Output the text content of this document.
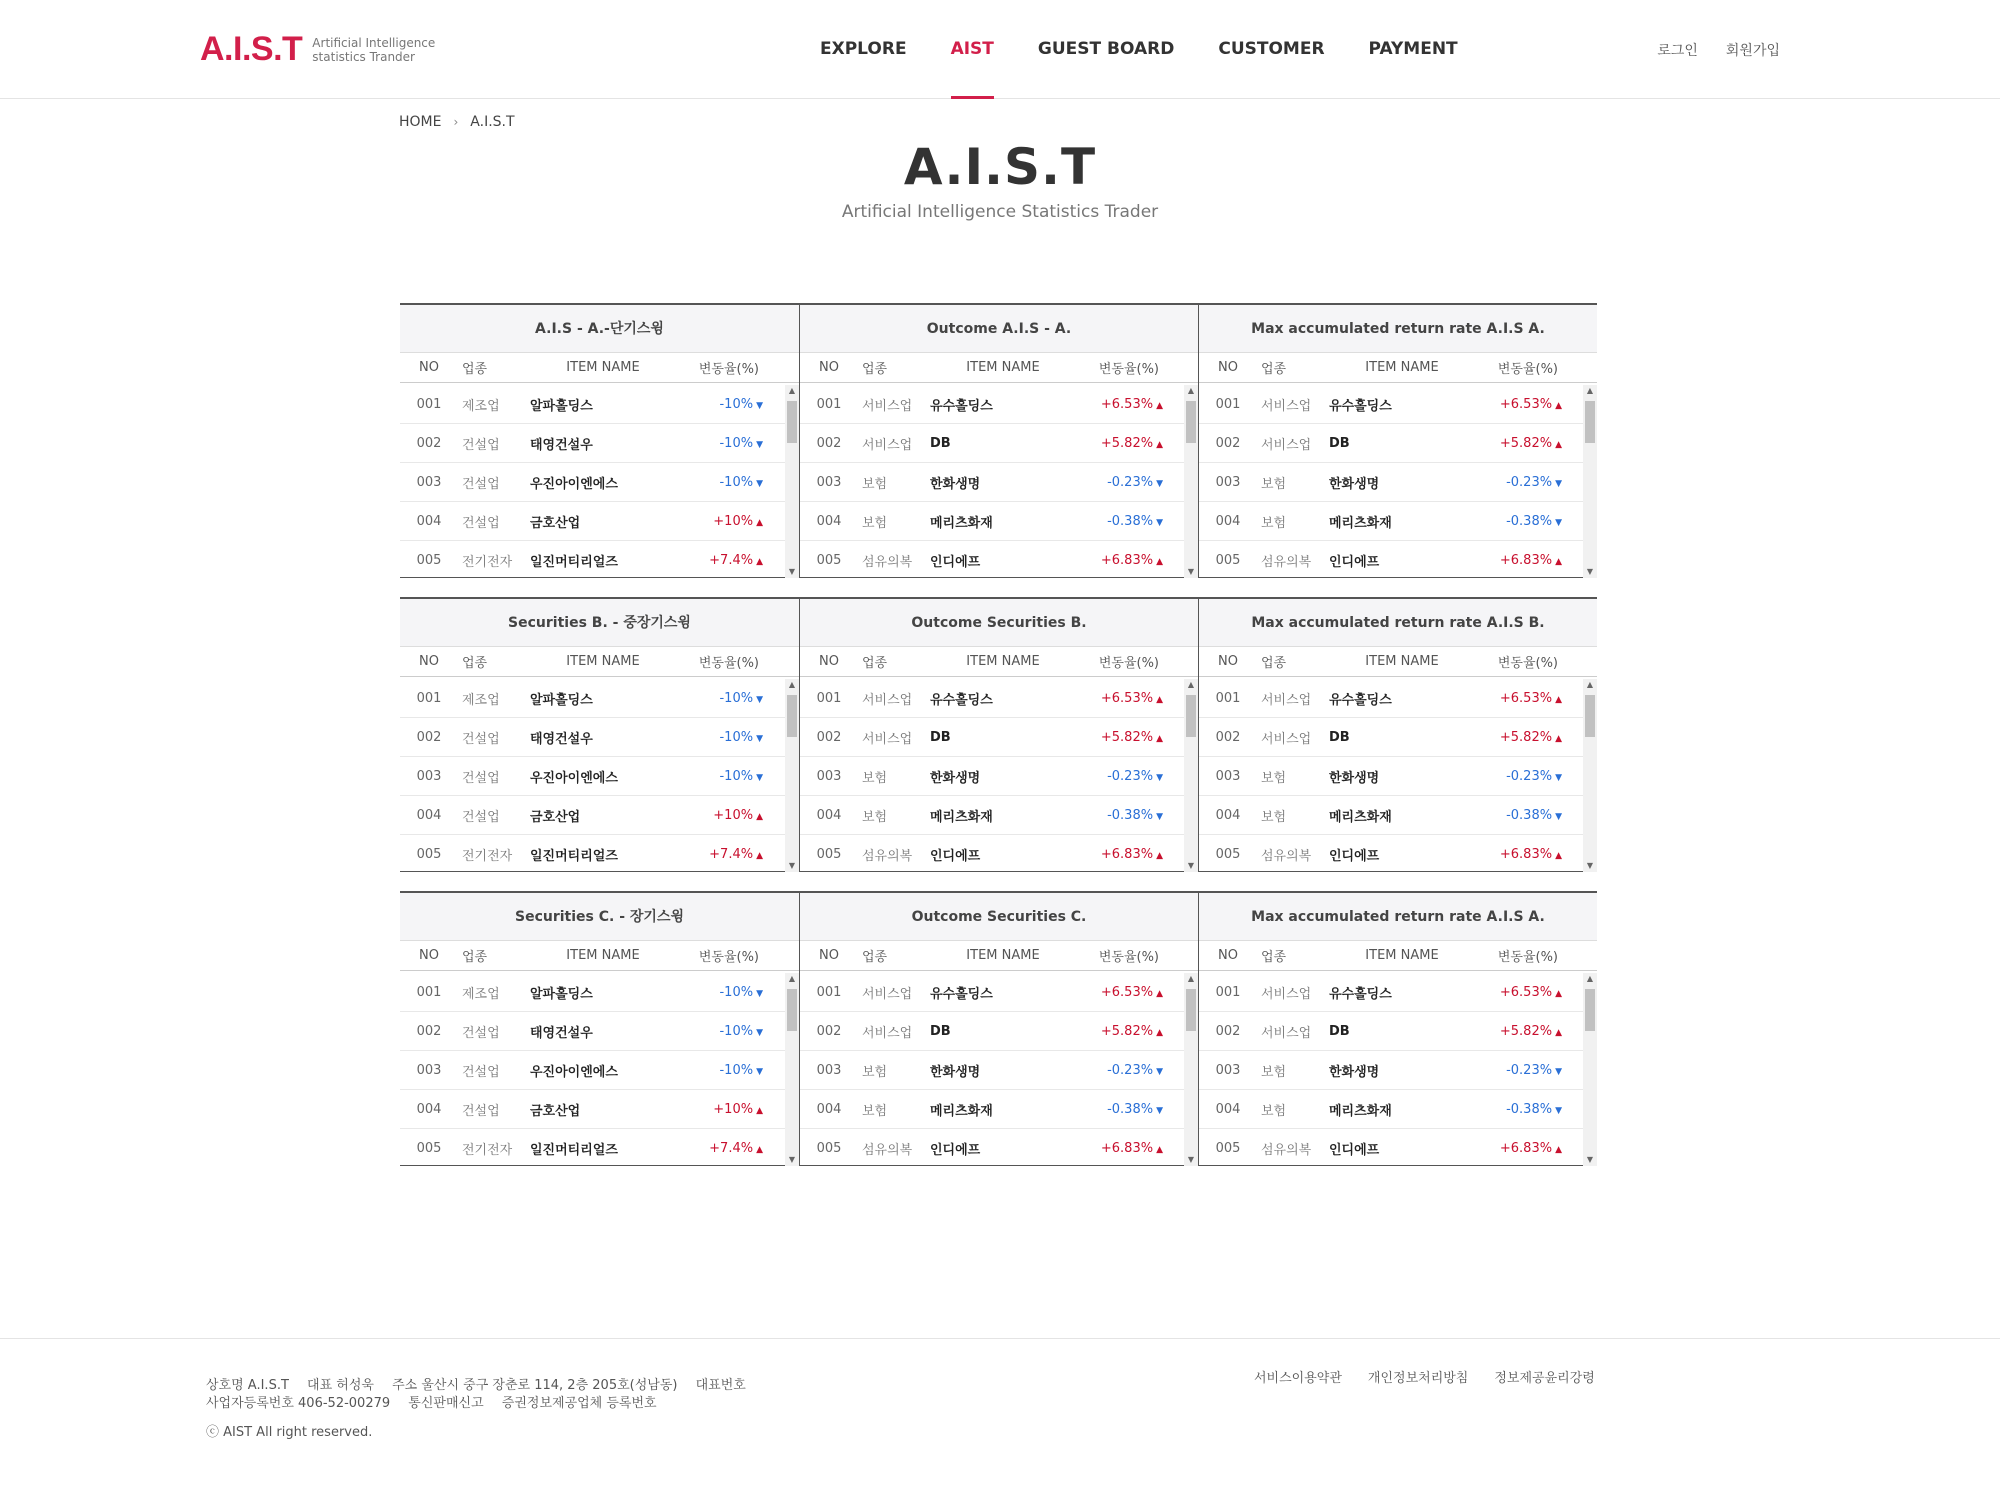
A.I.S.T Artificial Intelligence statistics Trander	EXPLORE	AIST	GUEST BOARD	CUSTOMER	PAYMENT	로그인 회원가입
HOME › A.I.S.T
A.I.S.T
Artificial Intelligence Statistics Trader
A.I.S - A.-단기스윙
NO	업종	ITEM NAME	변동율(%)
001	제조업	알파홀딩스	-10% ▼
002	건설업	태영건설우	-10% ▼
003	건설업	우진아이엔에스	-10% ▼
004	건설업	금호산업	+10% ▲
005	전기전자	일진머티리얼즈	+7.4% ▲
▲
▼
Outcome A.I.S - A.
NO	업종	ITEM NAME	변동율(%)
001	서비스업	유수홀딩스	+6.53% ▲
002	서비스업	DB	+5.82% ▲
003	보험	한화생명	-0.23% ▼
004	보험	메리츠화재	-0.38% ▼
005	섬유의복	인디에프	+6.83% ▲
▲
▼
Max accumulated return rate A.I.S A.
NO	업종	ITEM NAME	변동율(%)
001	서비스업	유수홀딩스	+6.53% ▲
002	서비스업	DB	+5.82% ▲
003	보험	한화생명	-0.23% ▼
004	보험	메리츠화재	-0.38% ▼
005	섬유의복	인디에프	+6.83% ▲
▲
▼
Securities B. - 중장기스윙
NO	업종	ITEM NAME	변동율(%)
001	제조업	알파홀딩스	-10% ▼
002	건설업	태영건설우	-10% ▼
003	건설업	우진아이엔에스	-10% ▼
004	건설업	금호산업	+10% ▲
005	전기전자	일진머티리얼즈	+7.4% ▲
▲
▼
Outcome Securities B.
NO	업종	ITEM NAME	변동율(%)
001	서비스업	유수홀딩스	+6.53% ▲
002	서비스업	DB	+5.82% ▲
003	보험	한화생명	-0.23% ▼
004	보험	메리츠화재	-0.38% ▼
005	섬유의복	인디에프	+6.83% ▲
▲
▼
Max accumulated return rate A.I.S B.
NO	업종	ITEM NAME	변동율(%)
001	서비스업	유수홀딩스	+6.53% ▲
002	서비스업	DB	+5.82% ▲
003	보험	한화생명	-0.23% ▼
004	보험	메리츠화재	-0.38% ▼
005	섬유의복	인디에프	+6.83% ▲
▲
▼
Securities C. - 장기스윙
NO	업종	ITEM NAME	변동율(%)
001	제조업	알파홀딩스	-10% ▼
002	건설업	태영건설우	-10% ▼
003	건설업	우진아이엔에스	-10% ▼
004	건설업	금호산업	+10% ▲
005	전기전자	일진머티리얼즈	+7.4% ▲
▲
▼
Outcome Securities C.
NO	업종	ITEM NAME	변동율(%)
001	서비스업	유수홀딩스	+6.53% ▲
002	서비스업	DB	+5.82% ▲
003	보험	한화생명	-0.23% ▼
004	보험	메리츠화재	-0.38% ▼
005	섬유의복	인디에프	+6.83% ▲
▲
▼
Max accumulated return rate A.I.S A.
NO	업종	ITEM NAME	변동율(%)
001	서비스업	유수홀딩스	+6.53% ▲
002	서비스업	DB	+5.82% ▲
003	보험	한화생명	-0.23% ▼
004	보험	메리츠화재	-0.38% ▼
005	섬유의복	인디에프	+6.83% ▲
▲
▼
상호명 A.I.S.T 대표 허성욱 주소 울산시 중구 장춘로 114, 2층 205호(성남동) 대표번호
사업자등록번호 406-52-00279 통신판매신고 증권정보제공업체 등록번호
ⓒ AIST All right reserved.
서비스이용약관 개인정보처리방침 정보제공윤리강령
